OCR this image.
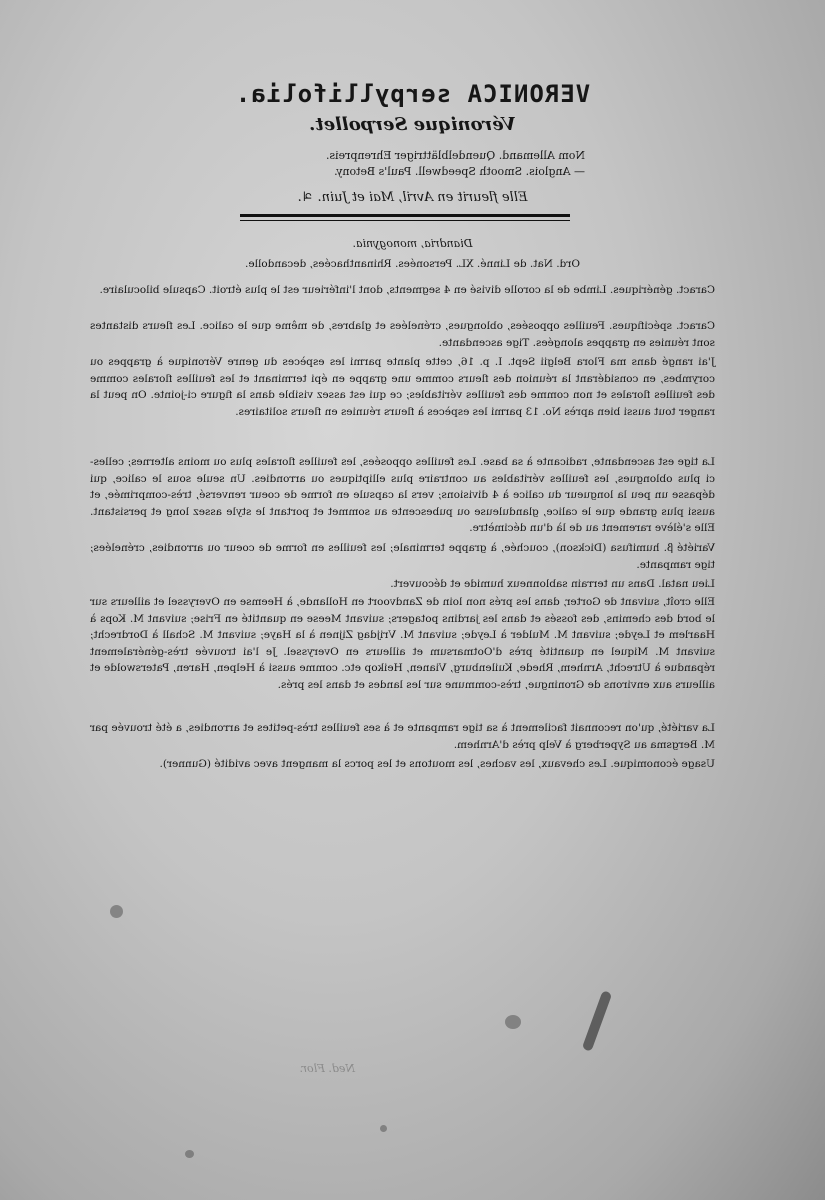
VERONICA serpyllifolia.
Véronique Serpollet.
Nom Allemand. Quendelblättriger Ehrenpreis.
— Anglois. Smooth Speedwell. Paul's Betony.
Elle fleurit en Avril, Mai et Juin. ♃.
Diandria, monogynia.
Ord. Nat. de Linné. XL. Personées. Rhinanthacées, decandolle.
Caract. génériques. Limbe de la corolle divisé en 4 segments, dont l'inférieur est le plus étroit. Capsule biloculaire.
Caract. spécifiques. Feuilles opposées, oblongues, crénelées et glabres, de même que le calice. Les fleurs distantes sont réunies en grappes alongées. Tige ascendante.
J'ai rangé dans ma Flora Belgii Sept. I. p. 16, cette plante parmi les espèces du genre Véronique à grappes ou corymbes, en considérant la réunion des fleurs comme une grappe en épi terminant et les feuilles florales comme des feuilles florales et non comme des feuilles véritables; ce qui est assez visible dans la figure ci-jointe. On peut la ranger tout aussi bien après No. 13 parmi les espèces à fleurs réunies en fleurs solitaires.
La tige est ascendante, radicante à sa base. Les feuilles opposées, les feuilles florales plus ou moins alternes; celles-ci plus oblongues, les feuilles véritables au contraire plus elliptiques ou arrondies. Un seule sous le calice, qui dépasse un peu la longueur du calice à 4 divisions; vers la capsule en forme de coeur renversé, très-comprimée, et aussi plus grande que le calice, glanduleuse ou pubescente au sommet et portant le style assez long et persistant. Elle s'élève rarement au de là d'un décimètre.
Variété β. humifusa (Dickson), couchée, à grappe terminale; les feuilles en forme de coeur ou arrondies, crénelées; tige rampante.
Lieu natal. Dans un terrain sablonneux humide et découvert.
Elle croît, suivant de Gorter, dans les prés non loin de Zandvoort en Hollande, à Heemse en Overyssel et ailleurs sur le bord des chemins, des fossés et dans les jardins potagers; suivant Meese en quantité en Frise; suivant M. Kops à Haarlem et Leyde; suivant M. Mulder à Leyde; suivant M. Vrijdag Zijnen à la Haye; suivant M. Schall à Dordrecht; suivant M. Miquel en quantité près d'Ootmarsum et ailleurs en Overyssel. Je l'ai trouvée très-généralement répandue à Utrecht, Arnhem, Rhede, Kuilenburg, Vianen, Heikop etc. comme aussi à Helpen, Haren, Paterswolde et ailleurs aux environs de Groningue, très-commune sur les landes et dans les prés.
La variété, qu'on reconnait facilement à sa tige rampante et à ses feuilles très-petites et arrondies, a été trouvée par M. Bergsma au Syperberg à Velp près d'Arnhem.
Usage économique. Les chevaux, les vaches, les moutons et les porcs la mangent avec avidité (Gunner).
Ned. Flor.
